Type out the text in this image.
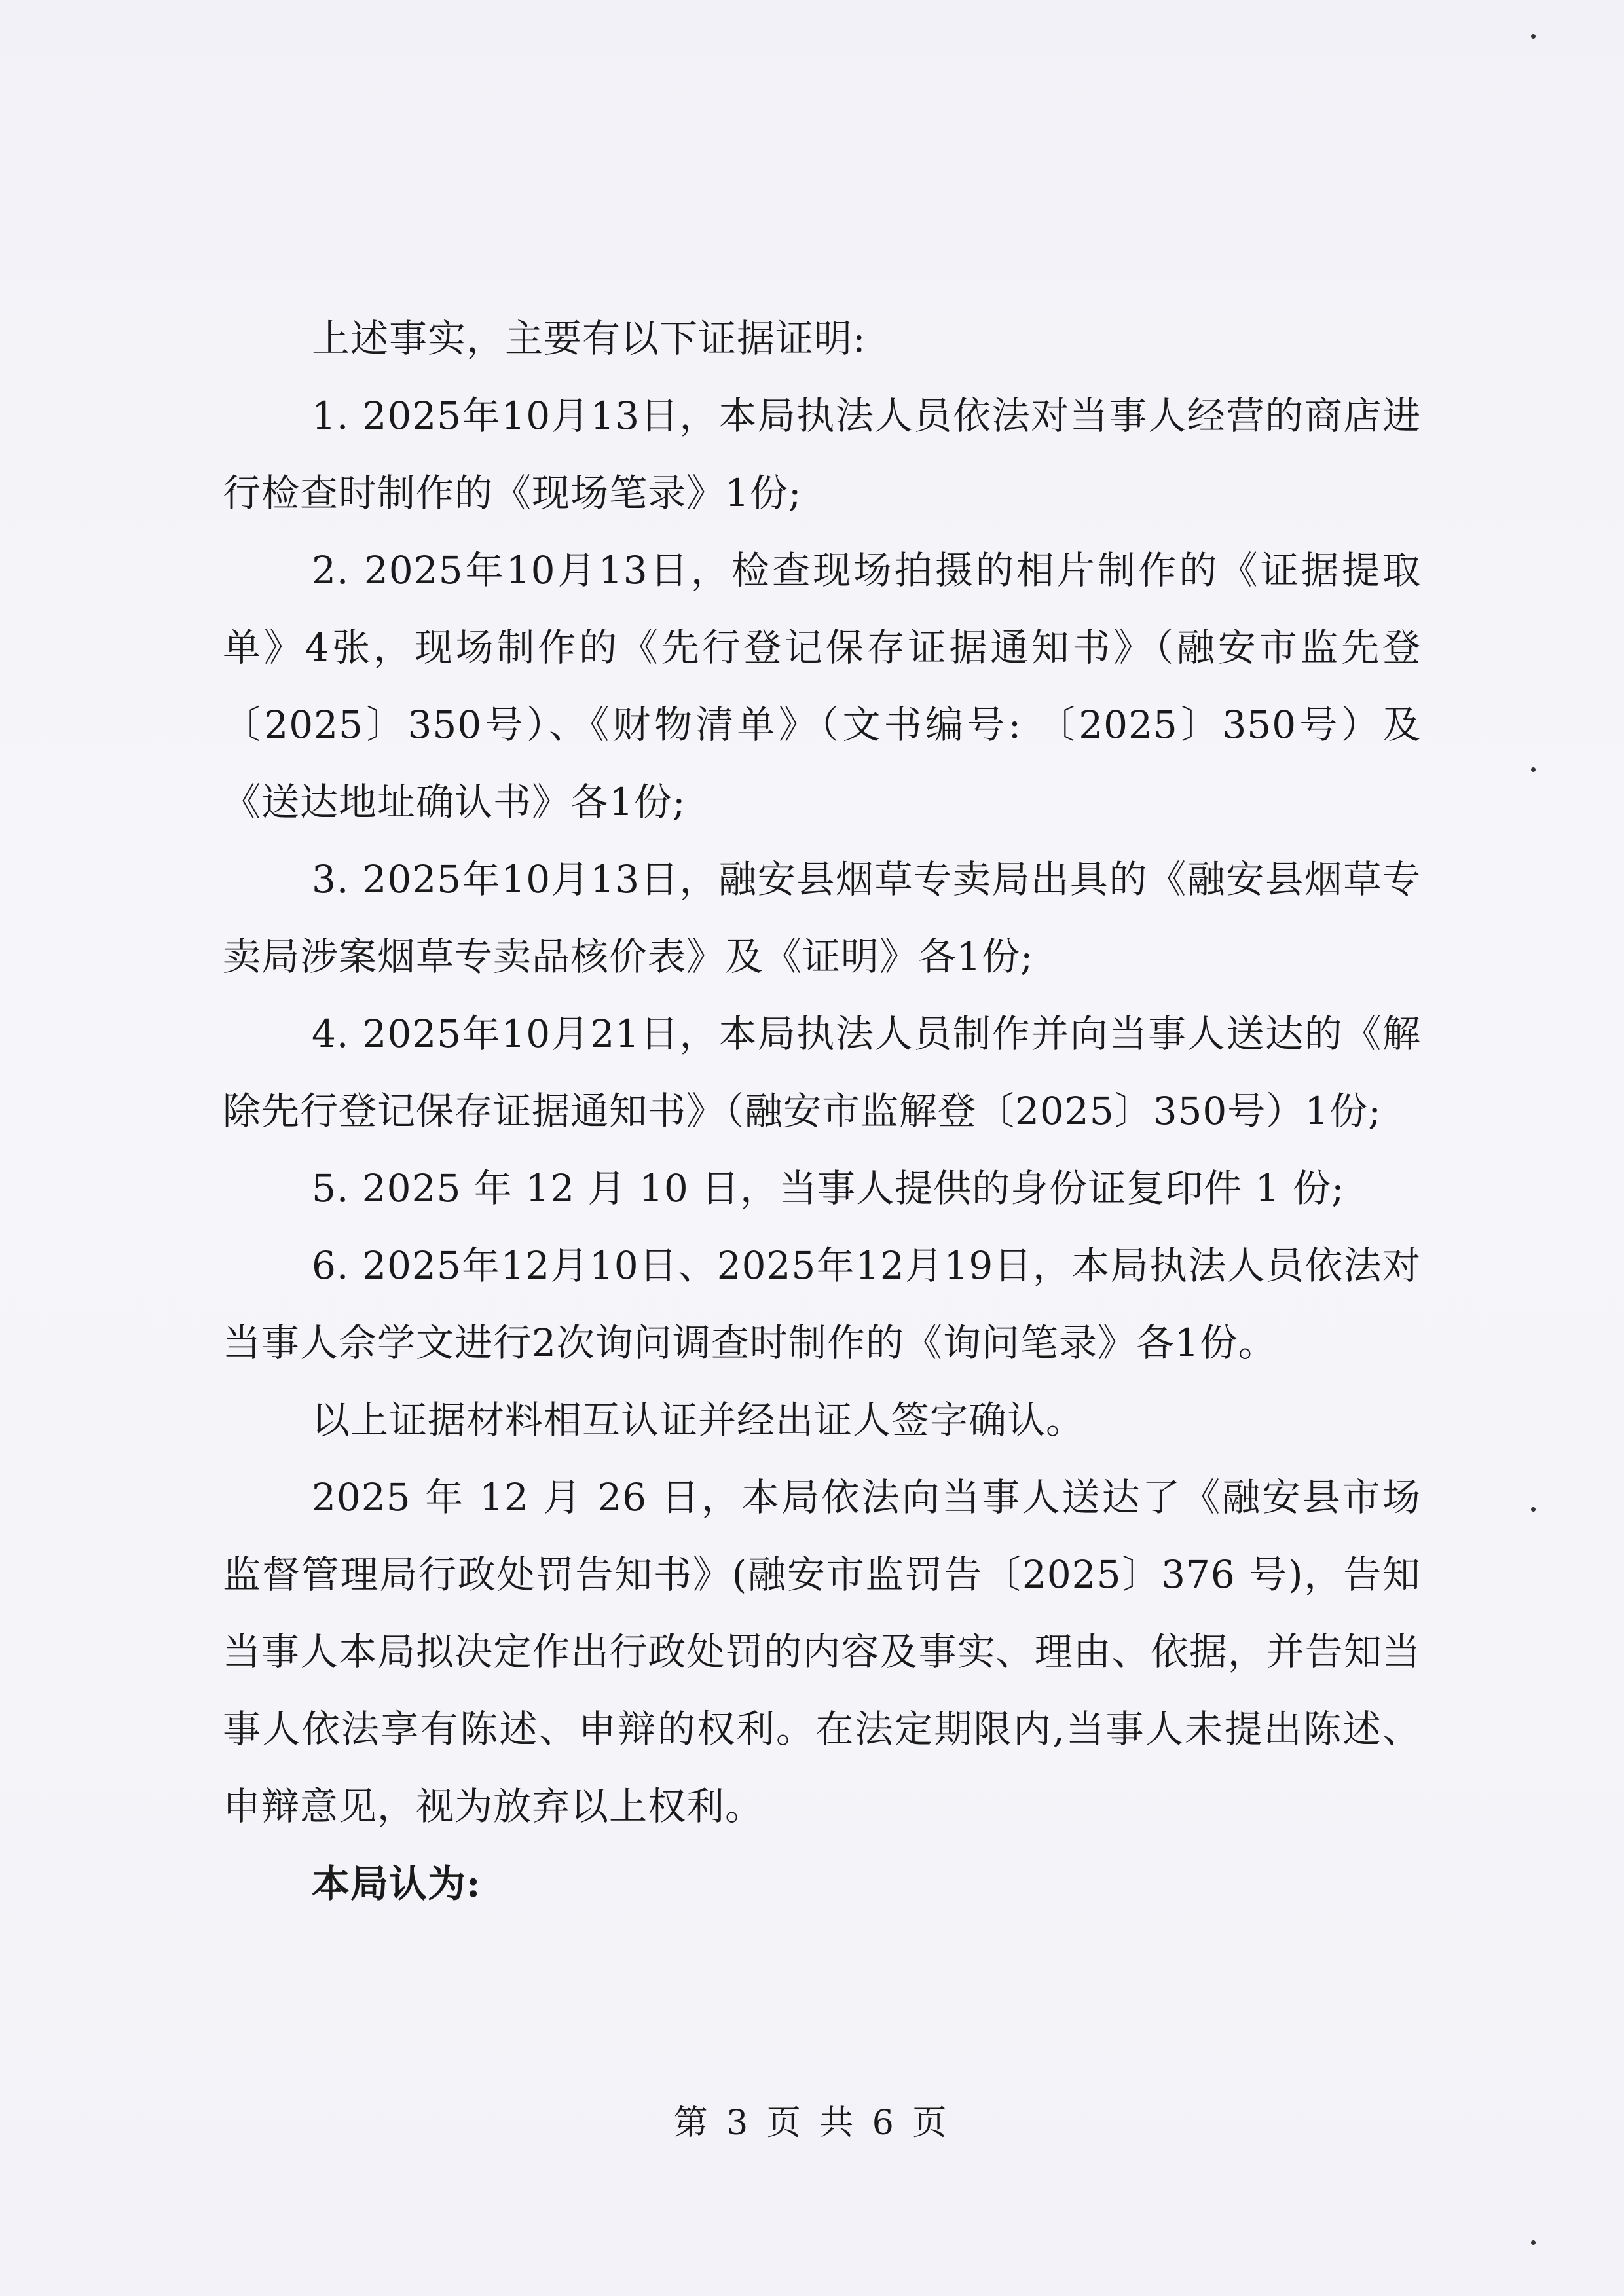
上述事实，主要有以下证据证明:

1. 2025年10月13日，本局执法人员依法对当事人经营的商店进行检查时制作的《现场笔录》1份;

2. 2025年10月13日，检查现场拍摄的相片制作的《证据提取单》4张，现场制作的《先行登记保存证据通知书》（融安市监先登〔2025〕350号）、《财物清单》（文书编号: 〔2025〕350号）及《送达地址确认书》各1份;

3. 2025年10月13日，融安县烟草专卖局出具的《融安县烟草专卖局涉案烟草专卖品核价表》及《证明》各1份;

4. 2025年10月21日，本局执法人员制作并向当事人送达的《解除先行登记保存证据通知书》（融安市监解登〔2025〕350号）1份;

5. 2025 年 12 月 10 日，当事人提供的身份证复印件 1 份;

6. 2025年12月10日、2025年12月19日，本局执法人员依法对当事人佘学文进行2次询问调查时制作的《询问笔录》各1份。

以上证据材料相互认证并经出证人签字确认。

2025 年 12 月 26 日，本局依法向当事人送达了《融安县市场监督管理局行政处罚告知书》(融安市监罚告〔2025〕376 号)，告知当事人本局拟决定作出行政处罚的内容及事实、理由、依据，并告知当事人依法享有陈述、申辩的权利。在法定期限内,当事人未提出陈述、申辩意见，视为放弃以上权利。

本局认为:

第 3 页 共 6 页
